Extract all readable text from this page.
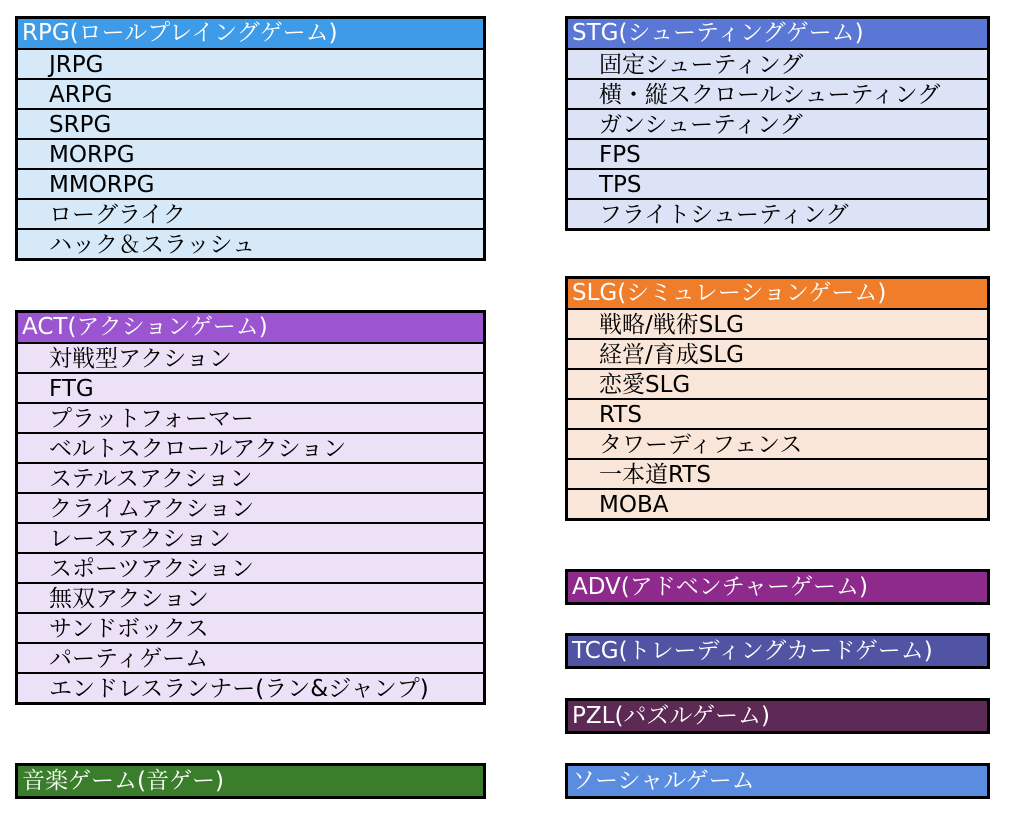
RPG(ロールプレイングゲーム)
JRPG
ARPG
SRPG
MORPG
MMORPG
ローグライク
ハック＆スラッシュ
ACT(アクションゲーム)
対戦型アクション
FTG
プラットフォーマー
ベルトスクロールアクション
ステルスアクション
クライムアクション
レースアクション
スポーツアクション
無双アクション
サンドボックス
パーティゲーム
エンドレスランナー(ラン&ジャンプ)
音楽ゲーム(音ゲー)
STG(シューティングゲーム)
固定シューティング
横・縦スクロールシューティング
ガンシューティング
FPS
TPS
フライトシューティング
SLG(シミュレーションゲーム)
戦略/戦術SLG
経営/育成SLG
恋愛SLG
RTS
タワーディフェンス
一本道RTS
MOBA
ADV(アドベンチャーゲーム)
TCG(トレーディングカードゲーム)
PZL(パズルゲーム)
ソーシャルゲーム
